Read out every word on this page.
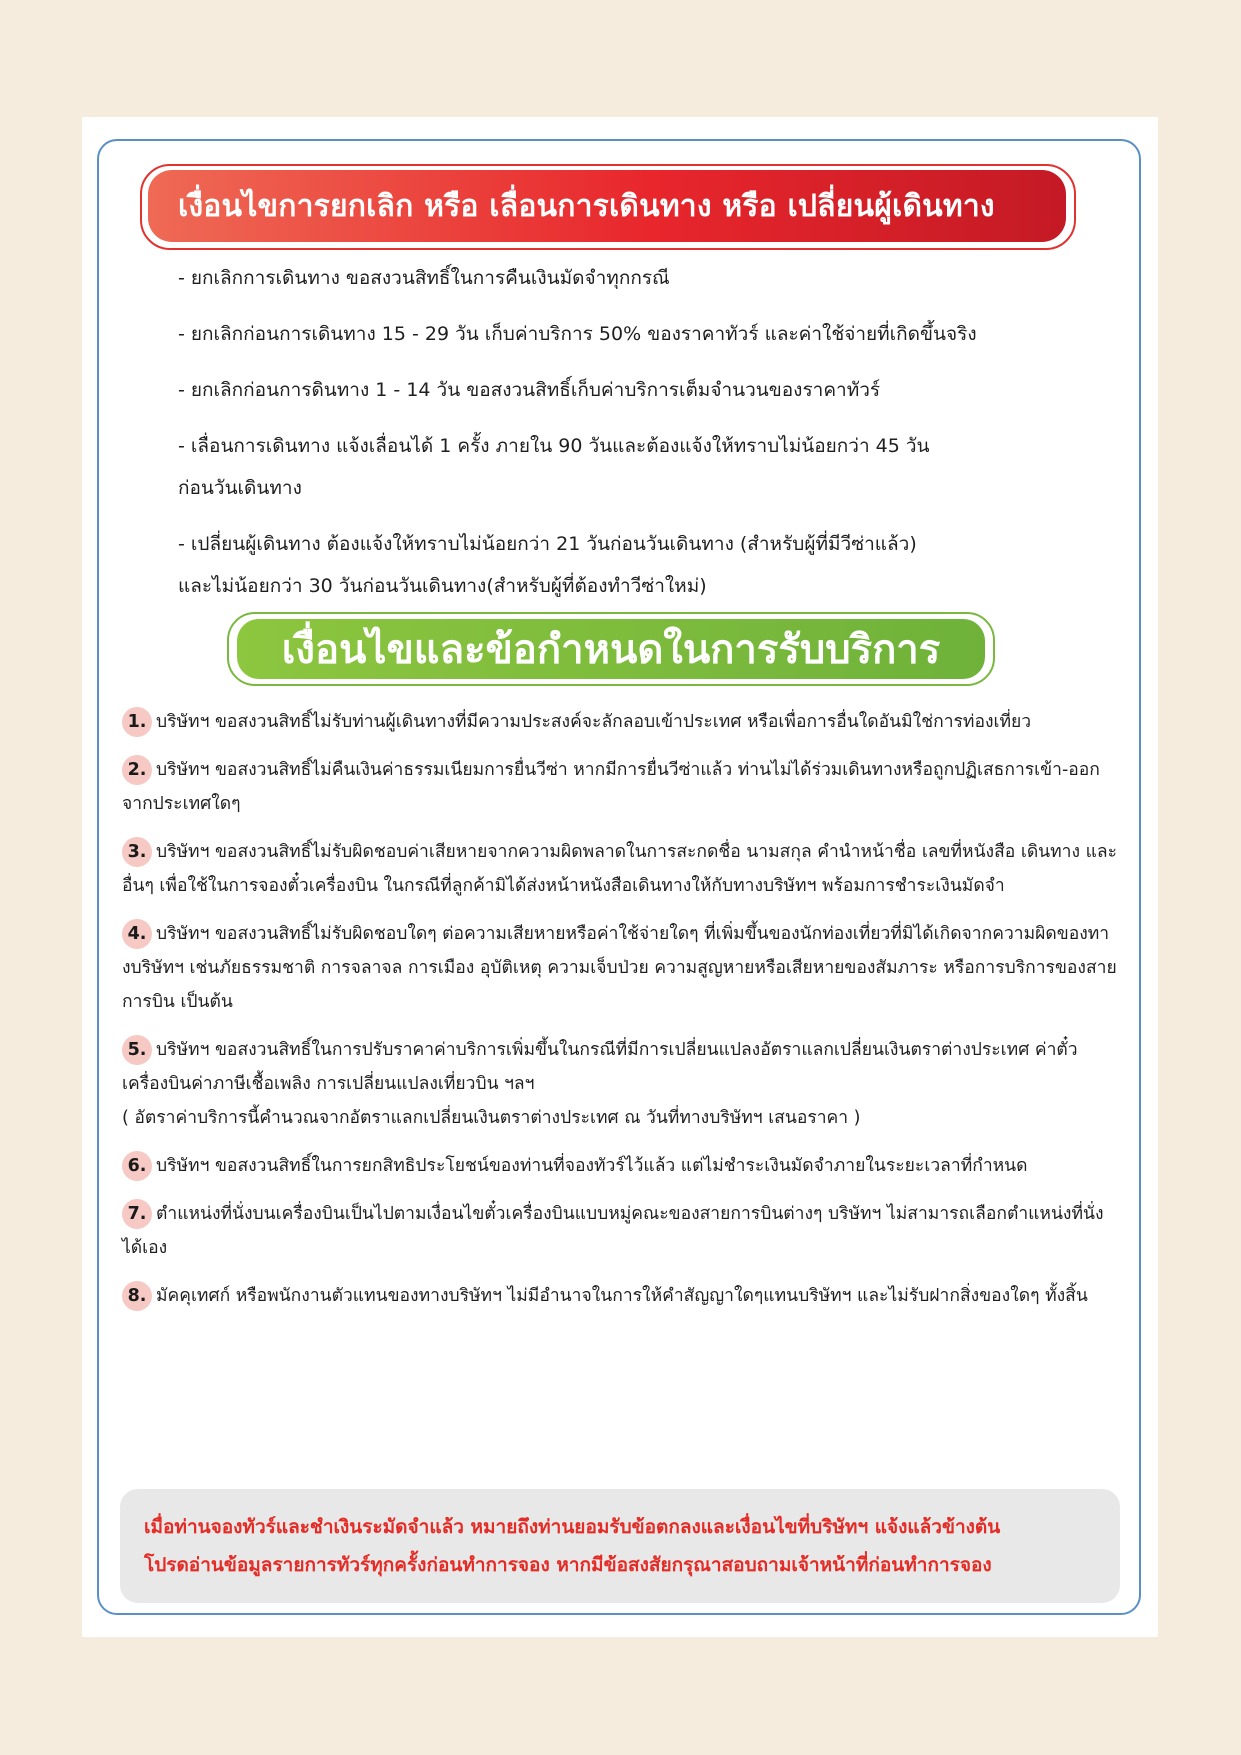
เงื่อนไขการยกเลิก หรือ เลื่อนการเดินทาง หรือ เปลี่ยนผู้เดินทาง
- ยกเลิกการเดินทาง ขอสงวนสิทธิ์ในการคืนเงินมัดจำทุกกรณี
- ยกเลิกก่อนการเดินทาง 15 - 29 วัน เก็บค่าบริการ 50% ของราคาทัวร์ และค่าใช้จ่ายที่เกิดขึ้นจริง
- ยกเลิกก่อนการดินทาง 1 - 14 วัน ขอสงวนสิทธิ์เก็บค่าบริการเต็มจำนวนของราคาทัวร์
- เลื่อนการเดินทาง แจ้งเลื่อนได้ 1 ครั้ง ภายใน 90 วันและต้องแจ้งให้ทราบไม่น้อยกว่า 45 วัน
ก่อนวันเดินทาง
- เปลี่ยนผู้เดินทาง ต้องแจ้งให้ทราบไม่น้อยกว่า 21 วันก่อนวันเดินทาง (สำหรับผู้ที่มีวีซ่าแล้ว)
และไม่น้อยกว่า 30 วันก่อนวันเดินทาง(สำหรับผู้ที่ต้องทำวีซ่าใหม่)
เงื่อนไขและข้อกำหนดในการรับบริการ
1. บริษัทฯ ขอสงวนสิทธิ์ไม่รับท่านผู้เดินทางที่มีความประสงค์จะลักลอบเข้าประเทศ หรือเพื่อการอื่นใดอันมิใช่การท่องเที่ยว
2. บริษัทฯ ขอสงวนสิทธิ์ไม่คืนเงินค่าธรรมเนียมการยื่นวีซ่า หากมีการยื่นวีซ่าแล้ว ท่านไม่ได้ร่วมเดินทางหรือถูกปฏิเสธการเข้า-ออกจากประเทศใดๆ
3. บริษัทฯ ขอสงวนสิทธิ์ไม่รับผิดชอบค่าเสียหายจากความผิดพลาดในการสะกดชื่อ นามสกุล คำนำหน้าชื่อ เลขที่หนังสือ เดินทาง และอื่นๆ เพื่อใช้ในการจองตั๋วเครื่องบิน ในกรณีที่ลูกค้ามิได้ส่งหน้าหนังสือเดินทางให้กับทางบริษัทฯ พร้อมการชำระเงินมัดจำ
4. บริษัทฯ ขอสงวนสิทธิ์ไม่รับผิดชอบใดๆ ต่อความเสียหายหรือค่าใช้จ่ายใดๆ ที่เพิ่มขึ้นของนักท่องเที่ยวที่มิได้เกิดจากความผิดของทางบริษัทฯ เช่นภัยธรรมชาติ การจลาจล การเมือง อุบัติเหตุ ความเจ็บป่วย ความสูญหายหรือเสียหายของสัมภาระ หรือการบริการของสายการบิน เป็นต้น
5. บริษัทฯ ขอสงวนสิทธิ์ในการปรับราคาค่าบริการเพิ่มขึ้นในกรณีที่มีการเปลี่ยนแปลงอัตราแลกเปลี่ยนเงินตราต่างประเทศ ค่าตั๋วเครื่องบินค่าภาษีเชื้อเพลิง การเปลี่ยนแปลงเที่ยวบิน ฯลฯ
( อัตราค่าบริการนี้คำนวณจากอัตราแลกเปลี่ยนเงินตราต่างประเทศ ณ วันที่ทางบริษัทฯ เสนอราคา )
6. บริษัทฯ ขอสงวนสิทธิ์ในการยกสิทธิประโยชน์ของท่านที่จองทัวร์ไว้แล้ว แต่ไม่ชำระเงินมัดจำภายในระยะเวลาที่กำหนด
7. ตำแหน่งที่นั่งบนเครื่องบินเป็นไปตามเงื่อนไขตั๋วเครื่องบินแบบหมู่คณะของสายการบินต่างๆ บริษัทฯ ไม่สามารถเลือกตำแหน่งที่นั่งได้เอง
8. มัคคุเทศก์ หรือพนักงานตัวแทนของทางบริษัทฯ ไม่มีอำนาจในการให้คำสัญญาใดๆแทนบริษัทฯ และไม่รับฝากสิ่งของใดๆ ทั้งสิ้น
เมื่อท่านจองทัวร์และชำเงินระมัดจำแล้ว หมายถึงท่านยอมรับข้อตกลงและเงื่อนไขที่บริษัทฯ แจ้งแล้วข้างต้น
โปรดอ่านข้อมูลรายการทัวร์ทุกครั้งก่อนทำการจอง หากมีข้อสงสัยกรุณาสอบถามเจ้าหน้าที่ก่อนทำการจอง
